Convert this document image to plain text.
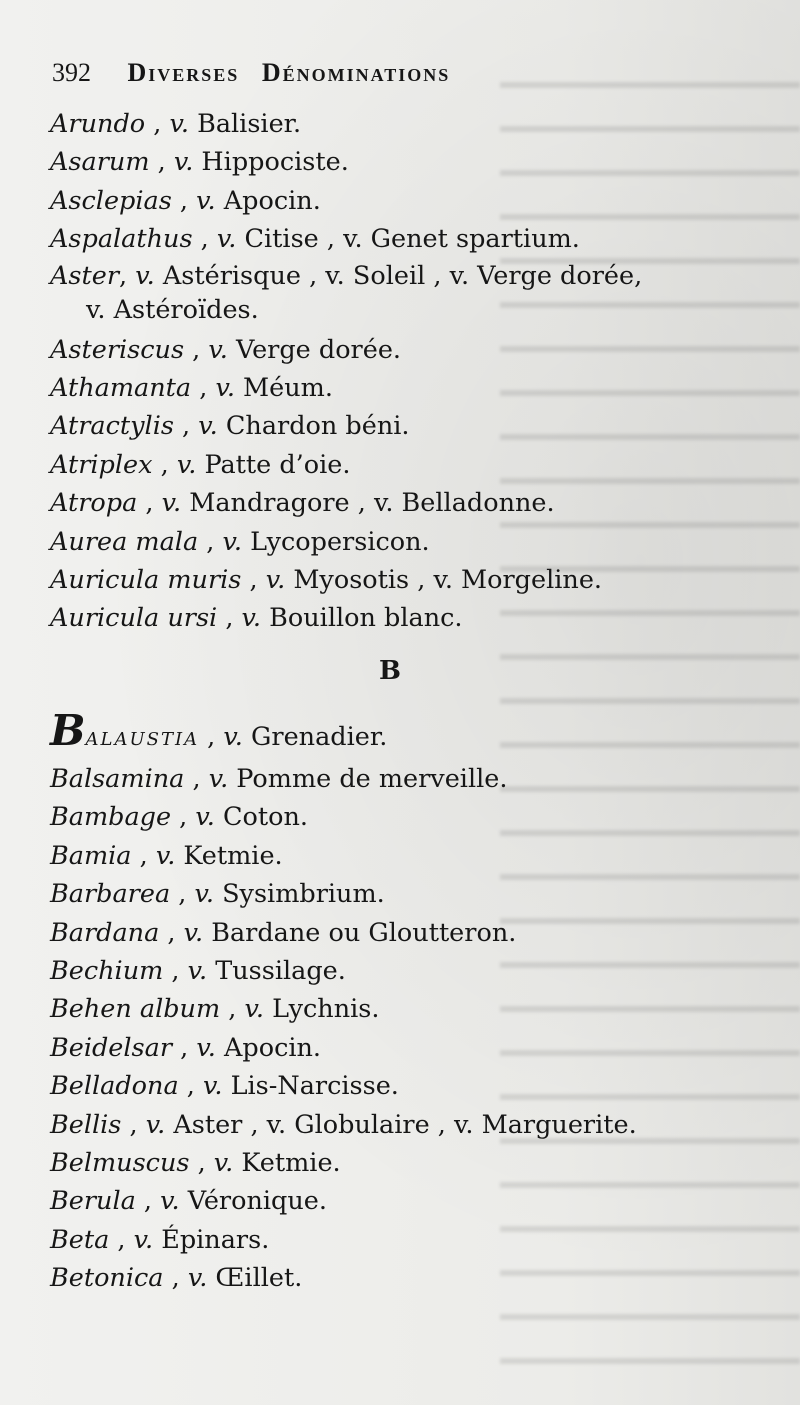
392 Diverses Dénominations
Arundo , v. Balisier.
Asarum , v. Hippociste.
Asclepias , v. Apocin.
Aspalathus , v. Citise , v. Genet spartium.
Aster, v. Astérisque , v. Soleil , v. Verge dorée,
v. Astéroïdes.
Asteriscus , v. Verge dorée.
Athamanta , v. Méum.
Atractylis , v. Chardon béni.
Atriplex , v. Patte d’oie.
Atropa , v. Mandragore , v. Belladonne.
Aurea mala , v. Lycopersicon.
Auricula muris , v. Myosotis , v. Morgeline.
Auricula ursi , v. Bouillon blanc.
B
Balaustia , v. Grenadier.
Balsamina , v. Pomme de merveille.
Bambage , v. Coton.
Bamia , v. Ketmie.
Barbarea , v. Sysimbrium.
Bardana , v. Bardane ou Gloutteron.
Bechium , v. Tussilage.
Behen album , v. Lychnis.
Beidelsar , v. Apocin.
Belladona , v. Lis-Narcisse.
Bellis , v. Aster , v. Globulaire , v. Marguerite.
Belmuscus , v. Ketmie.
Berula , v. Véronique.
Beta , v. Épinars.
Betonica , v. Œillet.
